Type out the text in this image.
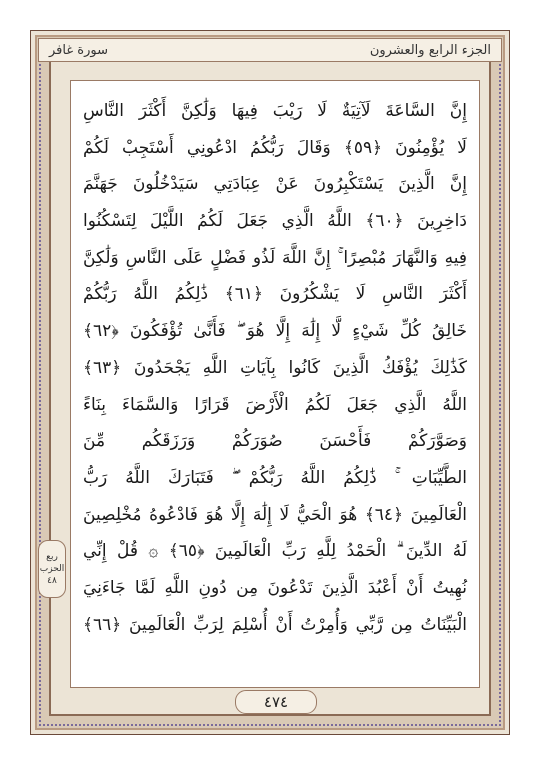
الجزء الرابع والعشرون
سورة غافر
إِنَّ السَّاعَةَ لَآتِيَةٌ لَا رَيْبَ فِيهَا وَلَٰكِنَّ أَكْثَرَ النَّاسِ
لَا يُؤْمِنُونَ ﴿٥٩﴾ وَقَالَ رَبُّكُمُ ادْعُونِي أَسْتَجِبْ لَكُمْ
إِنَّ الَّذِينَ يَسْتَكْبِرُونَ عَنْ عِبَادَتِي سَيَدْخُلُونَ جَهَنَّمَ
دَاخِرِينَ ﴿٦٠﴾ اللَّهُ الَّذِي جَعَلَ لَكُمُ اللَّيْلَ لِتَسْكُنُوا
فِيهِ وَالنَّهَارَ مُبْصِرًا ۚ إِنَّ اللَّهَ لَذُو فَضْلٍ عَلَى النَّاسِ وَلَٰكِنَّ
أَكْثَرَ النَّاسِ لَا يَشْكُرُونَ ﴿٦١﴾ ذَٰلِكُمُ اللَّهُ رَبُّكُمْ
خَالِقُ كُلِّ شَيْءٍ لَّا إِلَٰهَ إِلَّا هُوَ ۖ فَأَنَّىٰ تُؤْفَكُونَ ﴿٦٢﴾
كَذَٰلِكَ يُؤْفَكُ الَّذِينَ كَانُوا بِآيَاتِ اللَّهِ يَجْحَدُونَ ﴿٦٣﴾
اللَّهُ الَّذِي جَعَلَ لَكُمُ الْأَرْضَ قَرَارًا وَالسَّمَاءَ بِنَاءً
وَصَوَّرَكُمْ فَأَحْسَنَ صُوَرَكُمْ وَرَزَقَكُم مِّنَ
الطَّيِّبَاتِ ۚ ذَٰلِكُمُ اللَّهُ رَبُّكُمْ ۖ فَتَبَارَكَ اللَّهُ رَبُّ
الْعَالَمِينَ ﴿٦٤﴾ هُوَ الْحَيُّ لَا إِلَٰهَ إِلَّا هُوَ فَادْعُوهُ مُخْلِصِينَ
لَهُ الدِّينَ ۗ الْحَمْدُ لِلَّهِ رَبِّ الْعَالَمِينَ ﴿٦٥﴾ ۞ قُلْ إِنِّي
نُهِيتُ أَنْ أَعْبُدَ الَّذِينَ تَدْعُونَ مِن دُونِ اللَّهِ لَمَّا جَاءَنِيَ
الْبَيِّنَاتُ مِن رَّبِّي وَأُمِرْتُ أَنْ أُسْلِمَ لِرَبِّ الْعَالَمِينَ ﴿٦٦﴾
ربع
الحزب
٤٨
٤٧٤
